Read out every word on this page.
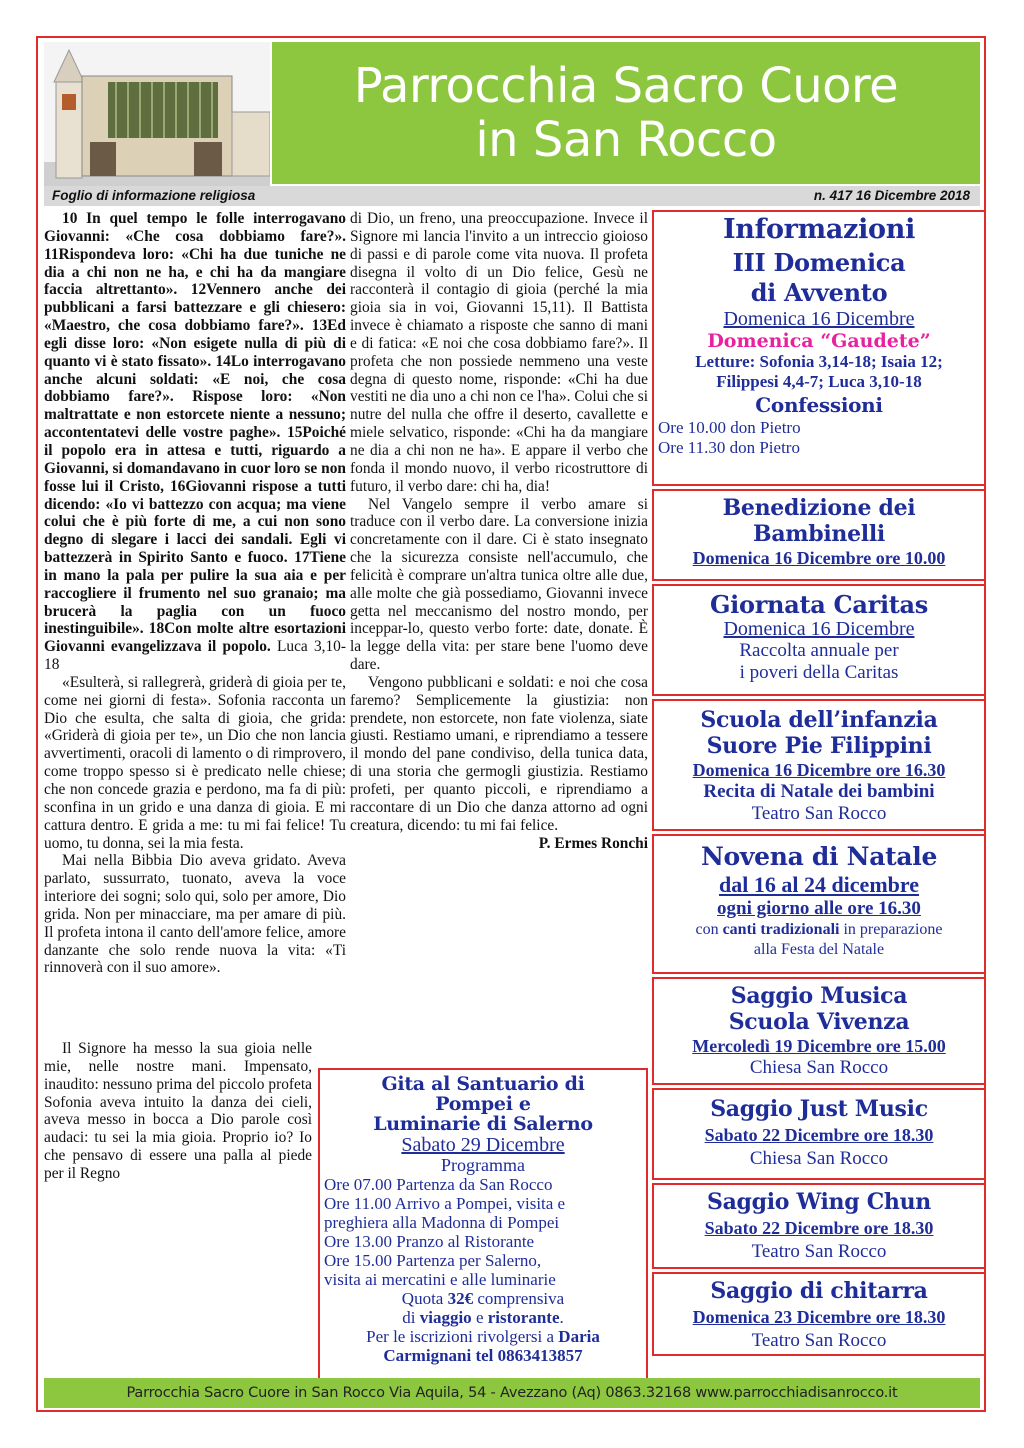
Parrocchia Sacro Cuore
in San Rocco
Foglio di informazione religiosa	n. 417 16 Dicembre 2018

10 In quel tempo le folle interrogavano Giovanni: «Che cosa dobbiamo fare?». 11Rispondeva loro: «Chi ha due tuniche ne dia a chi non ne ha, e chi ha da mangiare faccia altrettanto». 12Vennero anche dei pubblicani a farsi battezzare e gli chiesero: «Maestro, che cosa dobbiamo fare?». 13Ed egli disse loro: «Non esigete nulla di più di quanto vi è stato fissato». 14Lo interrogavano anche alcuni soldati: «E noi, che cosa dobbiamo fare?». Rispose loro: «Non maltrattate e non estorcete niente a nessuno; accontentatevi delle vostre paghe». 15Poiché il popolo era in attesa e tutti, riguardo a Giovanni, si domandavano in cuor loro se non fosse lui il Cristo, 16Giovanni rispose a tutti dicendo: «Io vi battezzo con acqua; ma viene colui che è più forte di me, a cui non sono degno di slegare i lacci dei sandali. Egli vi battezzerà in Spirito Santo e fuoco. 17Tiene in mano la pala per pulire la sua aia e per raccogliere il frumento nel suo granaio; ma brucerà la paglia con un fuoco inestinguibile». 18Con molte altre esortazioni Giovanni evangelizzava il popolo. Luca 3,10-18

«Esulterà, si rallegrerà, griderà di gioia per te, come nei giorni di festa». Sofonia racconta un Dio che esulta, che salta di gioia, che grida: «Griderà di gioia per te», un Dio che non lancia avvertimenti, oracoli di lamento o di rimprovero, come troppo spesso si è predicato nelle chiese; che non concede grazia e perdono, ma fa di più: sconfina in un grido e una danza di gioia. E mi cattura dentro. E grida a me: tu mi fai felice! Tu uomo, tu donna, sei la mia festa.

Mai nella Bibbia Dio aveva gridato. Aveva parlato, sussurrato, tuonato, aveva la voce interiore dei sogni; solo qui, solo per amore, Dio grida. Non per minacciare, ma per amare di più. Il profeta intona il canto dell'amore felice, amore danzante che solo rende nuova la vita: «Ti rinnoverà con il suo amore».

Il Signore ha messo la sua gioia nelle mie, nelle nostre mani. Impensato, inaudito: nessuno prima del piccolo profeta Sofonia aveva intuito la danza dei cieli, aveva messo in bocca a Dio parole così audaci: tu sei la mia gioia. Proprio io? Io che pensavo di essere una palla al piede per il Regno

di Dio, un freno, una preoccupazione. Invece il Signore mi lancia l'invito a un intreccio gioioso di passi e di parole come vita nuova. Il profeta disegna il volto di un Dio felice, Gesù ne racconterà il contagio di gioia (perché la mia gioia sia in voi, Giovanni 15,11). Il Battista invece è chiamato a risposte che sanno di mani e di fatica: «E noi che cosa dobbiamo fare?». Il profeta che non possiede nemmeno una veste degna di questo nome, risponde: «Chi ha due vestiti ne dia uno a chi non ce l'ha». Colui che si nutre del nulla che offre il deserto, cavallette e miele selvatico, risponde: «Chi ha da mangiare ne dia a chi non ne ha». E appare il verbo che fonda il mondo nuovo, il verbo ricostruttore di futuro, il verbo dare: chi ha, dia!

Nel Vangelo sempre il verbo amare si traduce con il verbo dare. La conversione inizia concretamente con il dare. Ci è stato insegnato che la sicurezza consiste nell'accumulo, che felicità è comprare un'altra tunica oltre alle due, alle molte che già possediamo, Giovanni invece getta nel meccanismo del nostro mondo, per inceppar-lo, questo verbo forte: date, donate. È la legge della vita: per stare bene l'uomo deve dare.

Vengono pubblicani e soldati: e noi che cosa faremo? Semplicemente la giustizia: non prendete, non estorcete, non fate violenza, siate giusti. Restiamo umani, e riprendiamo a tessere il mondo del pane condiviso, della tunica data, di una storia che germogli giustizia. Restiamo profeti, per quanto piccoli, e riprendiamo a raccontare di un Dio che danza attorno ad ogni creatura, dicendo: tu mi fai felice.

P. Ermes Ronchi

Informazioni
III Domenica
di Avvento
Domenica 16 Dicembre
Domenica “Gaudete”
Letture: Sofonia 3,14-18; Isaia 12;
Filippesi 4,4-7; Luca 3,10-18
Confessioni
Ore 10.00 don Pietro
Ore 11.30 don Pietro
Benedizione dei
Bambinelli
Domenica 16 Dicembre ore 10.00
Giornata Caritas
Domenica 16 Dicembre
Raccolta annuale per
i poveri della Caritas
Scuola dell’infanzia
Suore Pie Filippini
Domenica 16 Dicembre ore 16.30
Recita di Natale dei bambini
Teatro San Rocco
Novena di Natale
dal 16 al 24 dicembre
ogni giorno alle ore 16.30
con canti tradizionali in preparazione
alla Festa del Natale
Saggio Musica
Scuola Vivenza
Mercoledì 19 Dicembre ore 15.00
Chiesa San Rocco
Saggio Just Music
Sabato 22 Dicembre ore 18.30
Chiesa San Rocco
Saggio Wing Chun
Sabato 22 Dicembre ore 18.30
Teatro San Rocco
Saggio di chitarra
Domenica 23 Dicembre ore 18.30
Teatro San Rocco
Gita al Santuario di
Pompei e
Luminarie di Salerno
Sabato 29 Dicembre
Programma
Ore 07.00 Partenza da San Rocco
Ore 11.00 Arrivo a Pompei, visita e
preghiera alla Madonna di Pompei
Ore 13.00 Pranzo al Ristorante
Ore 15.00 Partenza per Salerno,
visita ai mercatini e alle luminarie
Quota 32€ comprensiva
di viaggio e ristorante.
Per le iscrizioni rivolgersi a Daria
Carmignani tel 0863413857
Parrocchia Sacro Cuore in San Rocco Via Aquila, 54 - Avezzano (Aq) 0863.32168 www.parrocchiadisanrocco.it
